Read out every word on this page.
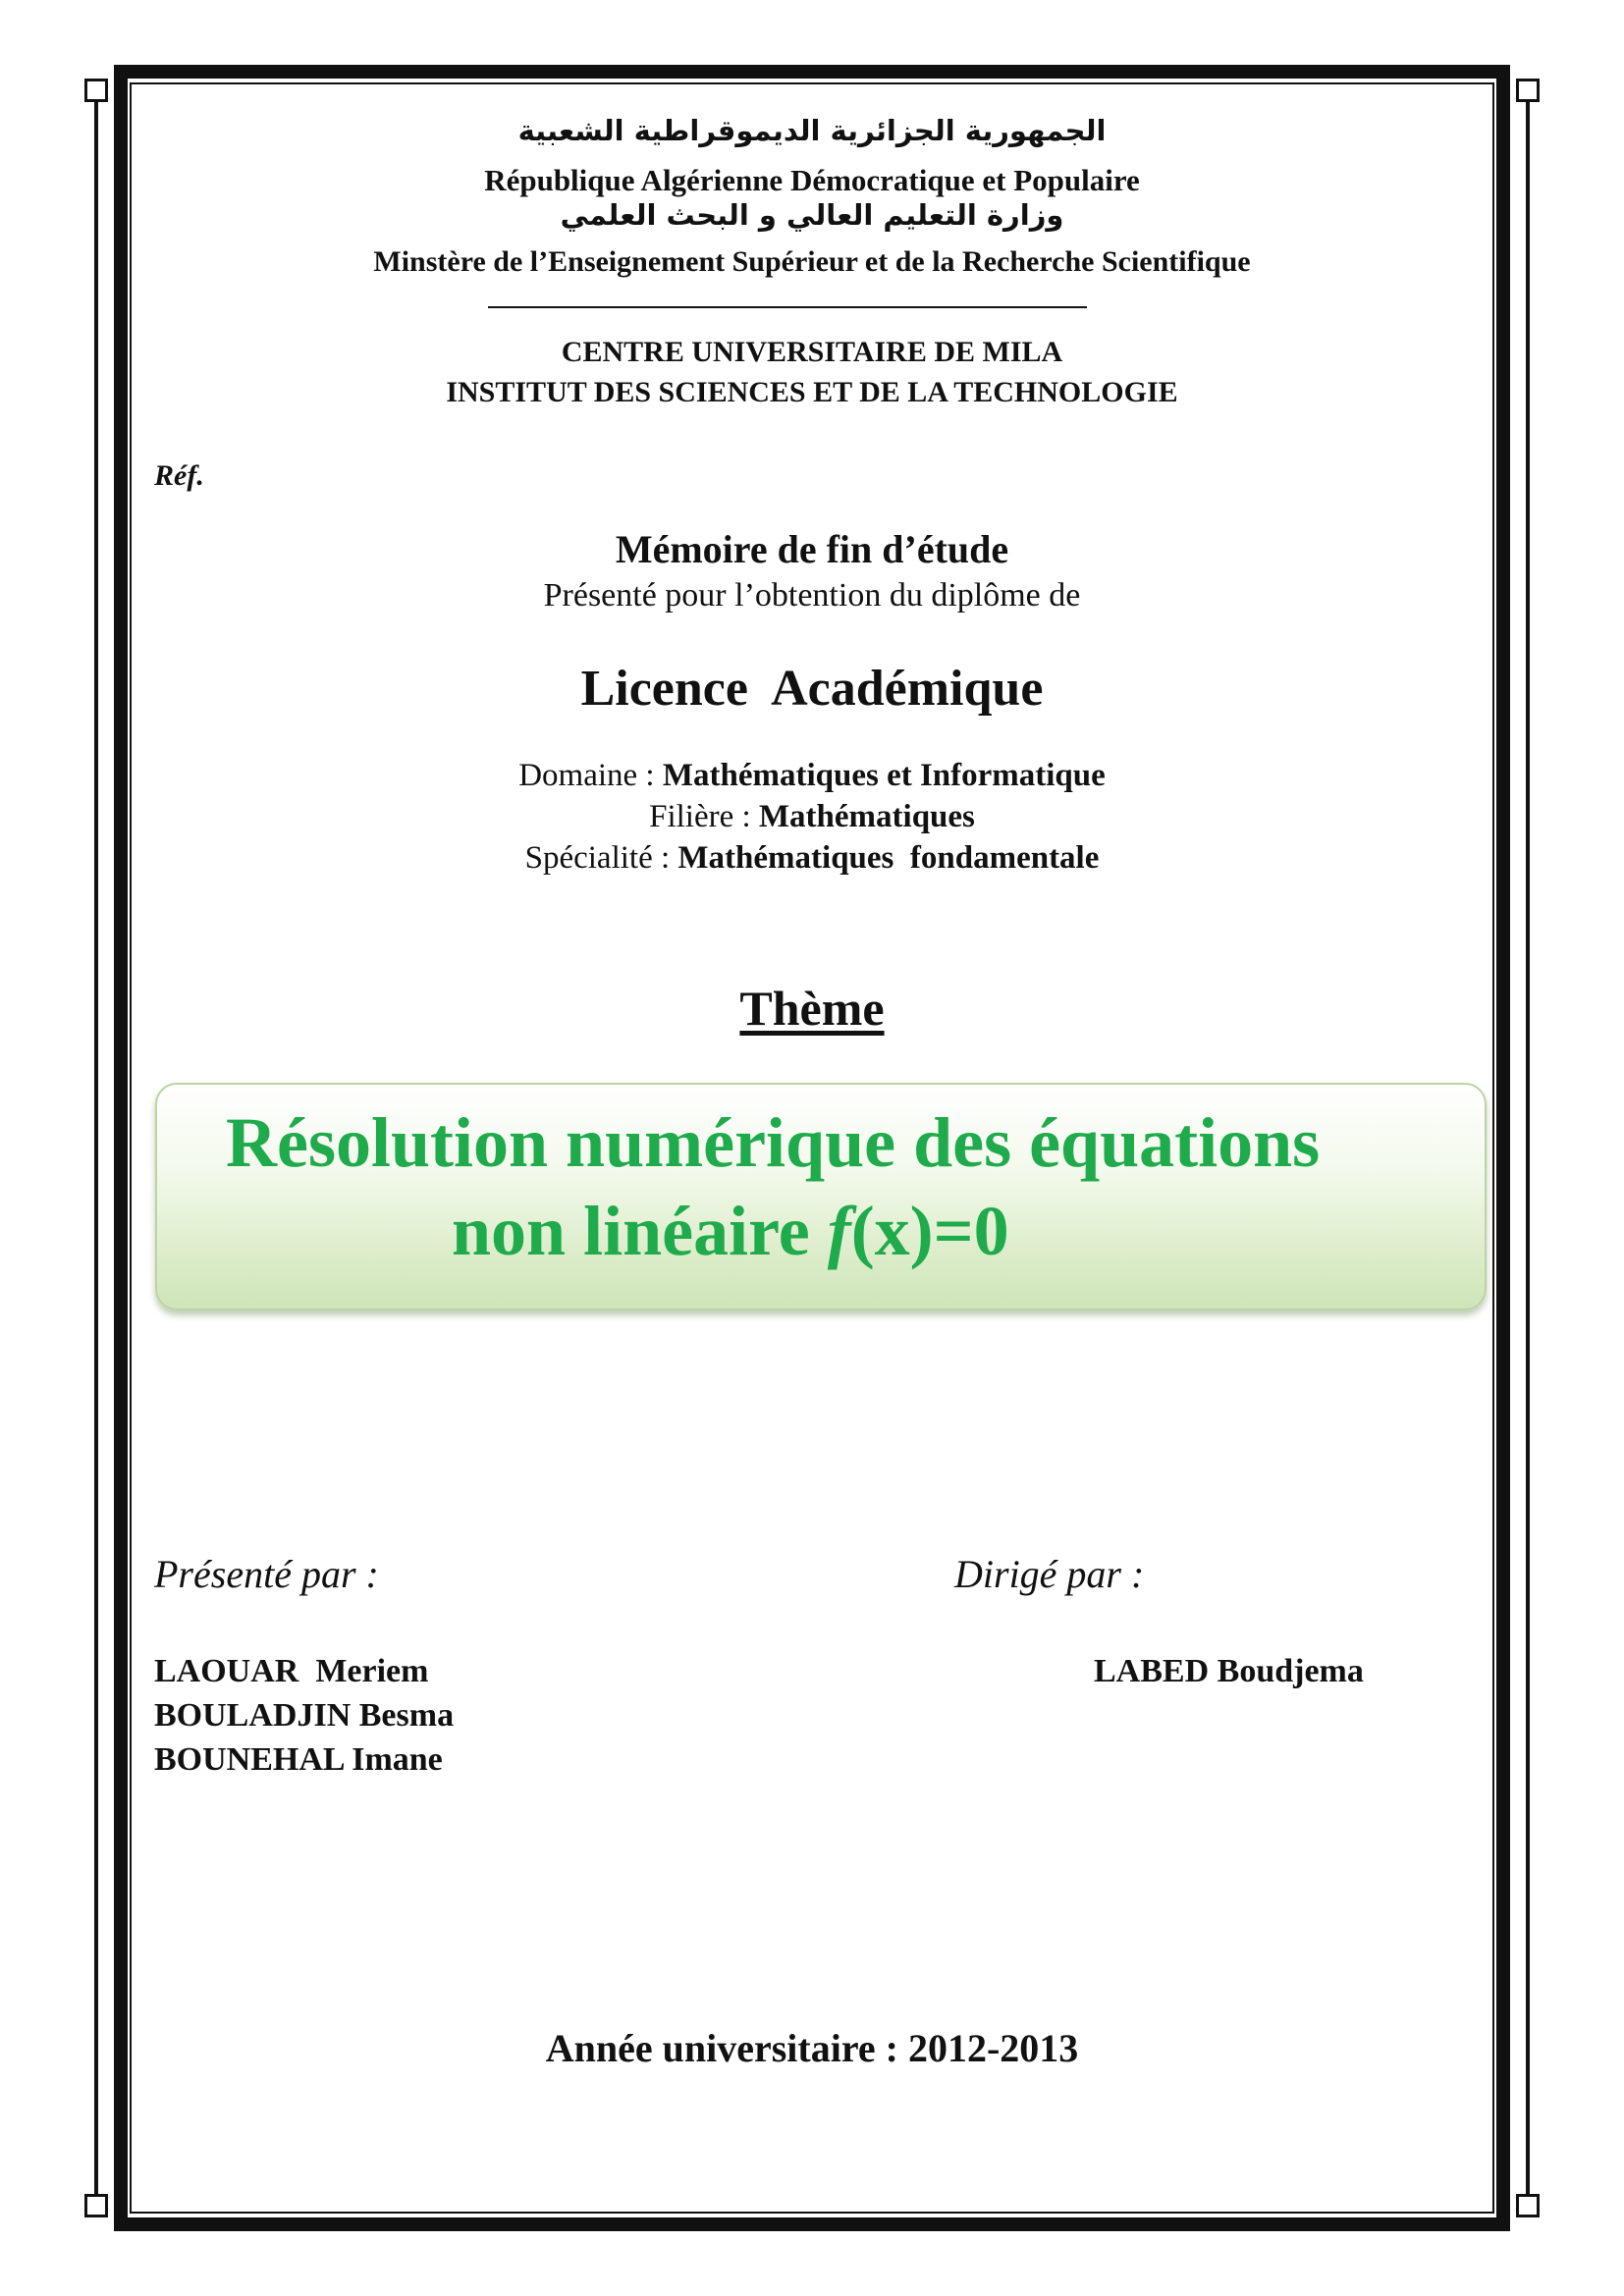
الجمهورية الجزائرية الديموقراطية الشعبية
République Algérienne Démocratique et Populaire
وزارة التعليم العالي و البحث العلمي
Minstère de l’Enseignement Supérieur et de la Recherche Scientifique
CENTRE UNIVERSITAIRE DE MILA
INSTITUT DES SCIENCES ET DE LA TECHNOLOGIE
Réf.
Mémoire de fin d’étude
Présenté pour l’obtention du diplôme de
Licence  Académique
Domaine : Mathématiques et Informatique
Filière : Mathématiques
Spécialité : Mathématiques  fondamentale
Thème
Résolution numérique des équations
non linéaire f(x)=0
Présenté par :	Dirigé par :
LAOUAR  Meriem
BOULADJIN Besma
BOUNEHAL Imane
LABED Boudjema
Année universitaire : 2012-2013
